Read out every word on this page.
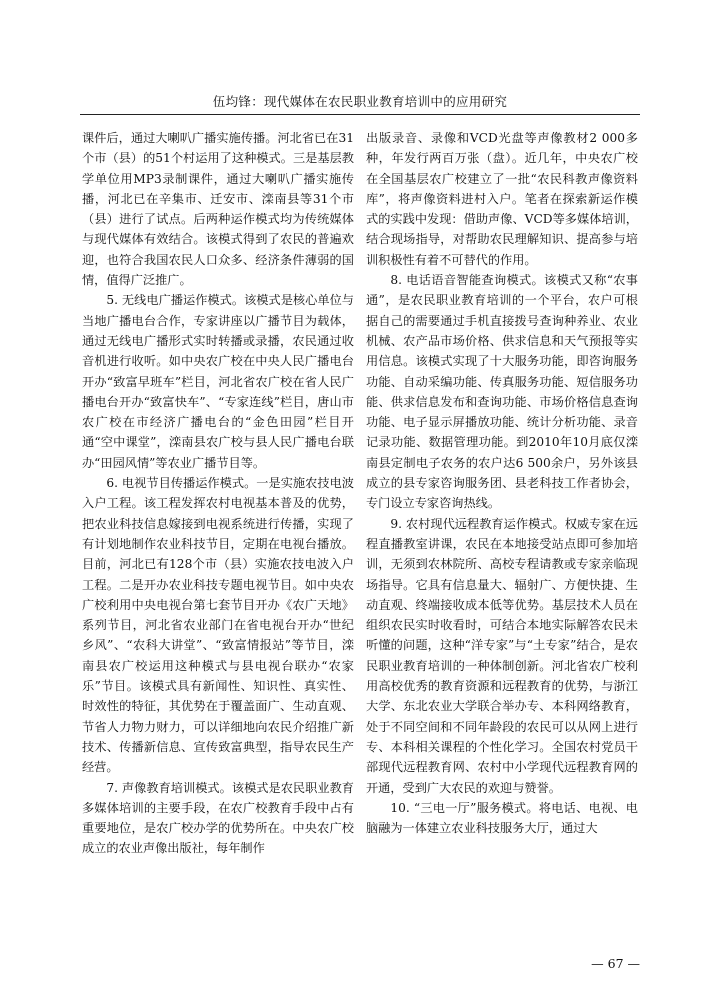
伍均锋：现代媒体在农民职业教育培训中的应用研究

课件后，通过大喇叭广播实施传播。河北省已在31个市（县）的51个村运用了这种模式。三是基层教学单位用MP3录制课件，通过大喇叭广播实施传播，河北已在辛集市、迁安市、滦南县等31个市（县）进行了试点。后两种运作模式均为传统媒体与现代媒体有效结合。该模式得到了农民的普遍欢迎，也符合我国农民人口众多、经济条件薄弱的国情，值得广泛推广。

5. 无线电广播运作模式。该模式是核心单位与当地广播电台合作，专家讲座以广播节目为载体，通过无线电广播形式实时转播或录播，农民通过收音机进行收听。如中央农广校在中央人民广播电台开办“致富早班车”栏目，河北省农广校在省人民广播电台开办“致富快车”、“专家连线”栏目，唐山市农广校在市经济广播电台的“金色田园”栏目开通“空中课堂”，滦南县农广校与县人民广播电台联办“田园风情”等农业广播节目等。

6. 电视节目传播运作模式。一是实施农技电波入户工程。该工程发挥农村电视基本普及的优势，把农业科技信息嫁接到电视系统进行传播，实现了有计划地制作农业科技节目，定期在电视台播放。目前，河北已有128个市（县）实施农技电波入户工程。二是开办农业科技专题电视节目。如中央农广校利用中央电视台第七套节目开办《农广天地》系列节目，河北省农业部门在省电视台开办“世纪乡风”、“农科大讲堂”、“致富情报站”等节目，滦南县农广校运用这种模式与县电视台联办“农家乐”节目。该模式具有新闻性、知识性、真实性、时效性的特征，其优势在于覆盖面广、生动直观、节省人力物力财力，可以详细地向农民介绍推广新技术、传播新信息、宣传致富典型，指导农民生产经营。

7. 声像教育培训模式。该模式是农民职业教育多媒体培训的主要手段，在农广校教育手段中占有重要地位，是农广校办学的优势所在。中央农广校成立的农业声像出版社，每年制作

出版录音、录像和VCD光盘等声像教材2 000多种，年发行两百万张（盘）。近几年，中央农广校在全国基层农广校建立了一批“农民科教声像资料库”，将声像资料进村入户。笔者在探索新运作模式的实践中发现：借助声像、VCD等多媒体培训，结合现场指导，对帮助农民理解知识、提高参与培训积极性有着不可替代的作用。

8. 电话语音智能查询模式。该模式又称“农事通”，是农民职业教育培训的一个平台，农户可根据自己的需要通过手机直接拨号查询种养业、农业机械、农产品市场价格、供求信息和天气预报等实用信息。该模式实现了十大服务功能，即咨询服务功能、自动采编功能、传真服务功能、短信服务功能、供求信息发布和查询功能、市场价格信息查询功能、电子显示屏播放功能、统计分析功能、录音记录功能、数据管理功能。到2010年10月底仅滦南县定制电子农务的农户达6 500余户，另外该县成立的县专家咨询服务团、县老科技工作者协会，专门设立专家咨询热线。

9. 农村现代远程教育运作模式。权威专家在远程直播教室讲课，农民在本地接受站点即可参加培训，无须到农林院所、高校专程请教或专家亲临现场指导。它具有信息量大、辐射广、方便快捷、生动直观、终端接收成本低等优势。基层技术人员在组织农民实时收看时，可结合本地实际解答农民未听懂的问题，这种“洋专家”与“土专家”结合，是农民职业教育培训的一种体制创新。河北省农广校利用高校优秀的教育资源和远程教育的优势，与浙江大学、东北农业大学联合举办专、本科网络教育，处于不同空间和不同年龄段的农民可以从网上进行专、本科相关课程的个性化学习。全国农村党员干部现代远程教育网、农村中小学现代远程教育网的开通，受到广大农民的欢迎与赞誉。

10. “三电一厅”服务模式。将电话、电视、电脑融为一体建立农业科技服务大厅，通过大

— 67 —
